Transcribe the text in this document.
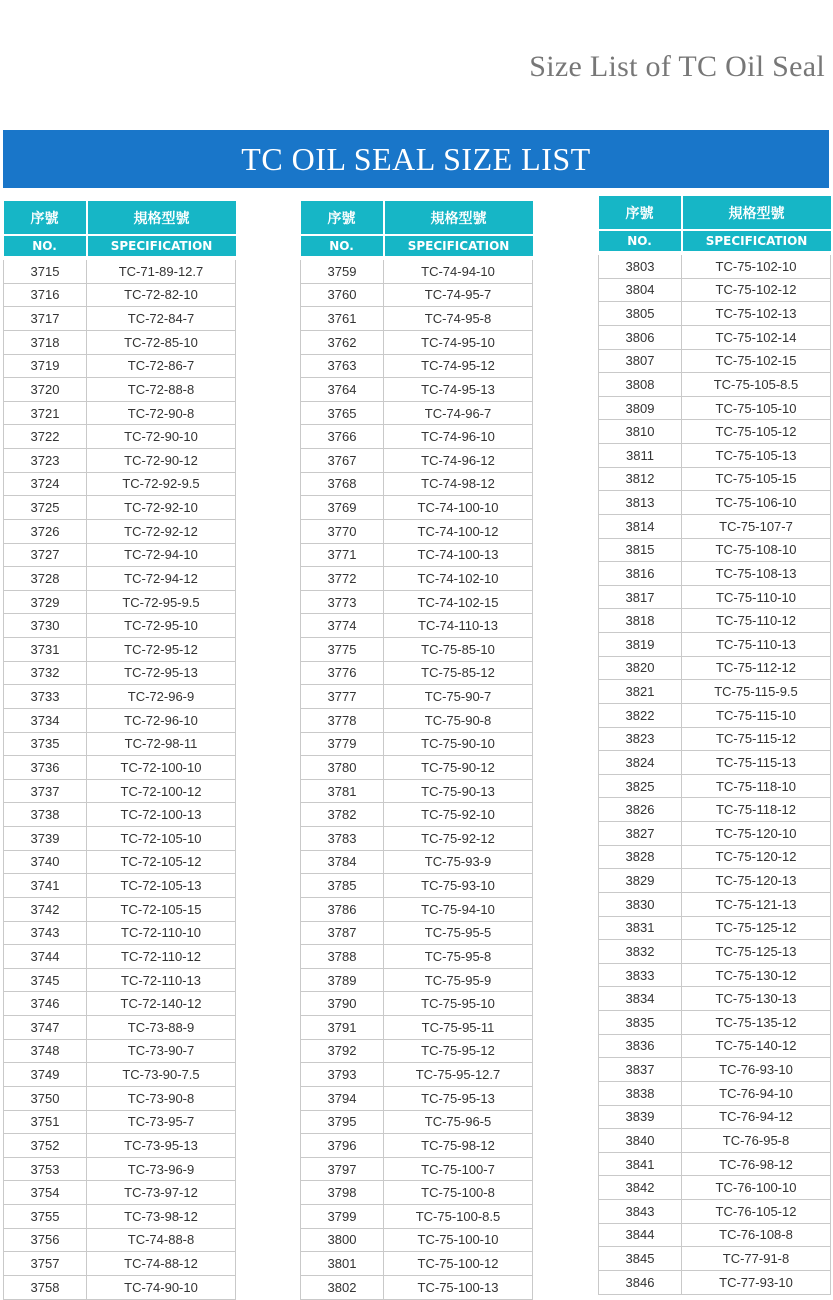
Size List of TC Oil Seal
TC OIL SEAL SIZE LIST
序號	規格型號
NO.	SPECIFICATION
3715	TC-71-89-12.7
3716	TC-72-82-10
3717	TC-72-84-7
3718	TC-72-85-10
3719	TC-72-86-7
3720	TC-72-88-8
3721	TC-72-90-8
3722	TC-72-90-10
3723	TC-72-90-12
3724	TC-72-92-9.5
3725	TC-72-92-10
3726	TC-72-92-12
3727	TC-72-94-10
3728	TC-72-94-12
3729	TC-72-95-9.5
3730	TC-72-95-10
3731	TC-72-95-12
3732	TC-72-95-13
3733	TC-72-96-9
3734	TC-72-96-10
3735	TC-72-98-11
3736	TC-72-100-10
3737	TC-72-100-12
3738	TC-72-100-13
3739	TC-72-105-10
3740	TC-72-105-12
3741	TC-72-105-13
3742	TC-72-105-15
3743	TC-72-110-10
3744	TC-72-110-12
3745	TC-72-110-13
3746	TC-72-140-12
3747	TC-73-88-9
3748	TC-73-90-7
3749	TC-73-90-7.5
3750	TC-73-90-8
3751	TC-73-95-7
3752	TC-73-95-13
3753	TC-73-96-9
3754	TC-73-97-12
3755	TC-73-98-12
3756	TC-74-88-8
3757	TC-74-88-12
3758	TC-74-90-10
序號	規格型號
NO.	SPECIFICATION
3759	TC-74-94-10
3760	TC-74-95-7
3761	TC-74-95-8
3762	TC-74-95-10
3763	TC-74-95-12
3764	TC-74-95-13
3765	TC-74-96-7
3766	TC-74-96-10
3767	TC-74-96-12
3768	TC-74-98-12
3769	TC-74-100-10
3770	TC-74-100-12
3771	TC-74-100-13
3772	TC-74-102-10
3773	TC-74-102-15
3774	TC-74-110-13
3775	TC-75-85-10
3776	TC-75-85-12
3777	TC-75-90-7
3778	TC-75-90-8
3779	TC-75-90-10
3780	TC-75-90-12
3781	TC-75-90-13
3782	TC-75-92-10
3783	TC-75-92-12
3784	TC-75-93-9
3785	TC-75-93-10
3786	TC-75-94-10
3787	TC-75-95-5
3788	TC-75-95-8
3789	TC-75-95-9
3790	TC-75-95-10
3791	TC-75-95-11
3792	TC-75-95-12
3793	TC-75-95-12.7
3794	TC-75-95-13
3795	TC-75-96-5
3796	TC-75-98-12
3797	TC-75-100-7
3798	TC-75-100-8
3799	TC-75-100-8.5
3800	TC-75-100-10
3801	TC-75-100-12
3802	TC-75-100-13
序號	規格型號
NO.	SPECIFICATION
3803	TC-75-102-10
3804	TC-75-102-12
3805	TC-75-102-13
3806	TC-75-102-14
3807	TC-75-102-15
3808	TC-75-105-8.5
3809	TC-75-105-10
3810	TC-75-105-12
3811	TC-75-105-13
3812	TC-75-105-15
3813	TC-75-106-10
3814	TC-75-107-7
3815	TC-75-108-10
3816	TC-75-108-13
3817	TC-75-110-10
3818	TC-75-110-12
3819	TC-75-110-13
3820	TC-75-112-12
3821	TC-75-115-9.5
3822	TC-75-115-10
3823	TC-75-115-12
3824	TC-75-115-13
3825	TC-75-118-10
3826	TC-75-118-12
3827	TC-75-120-10
3828	TC-75-120-12
3829	TC-75-120-13
3830	TC-75-121-13
3831	TC-75-125-12
3832	TC-75-125-13
3833	TC-75-130-12
3834	TC-75-130-13
3835	TC-75-135-12
3836	TC-75-140-12
3837	TC-76-93-10
3838	TC-76-94-10
3839	TC-76-94-12
3840	TC-76-95-8
3841	TC-76-98-12
3842	TC-76-100-10
3843	TC-76-105-12
3844	TC-76-108-8
3845	TC-77-91-8
3846	TC-77-93-10
